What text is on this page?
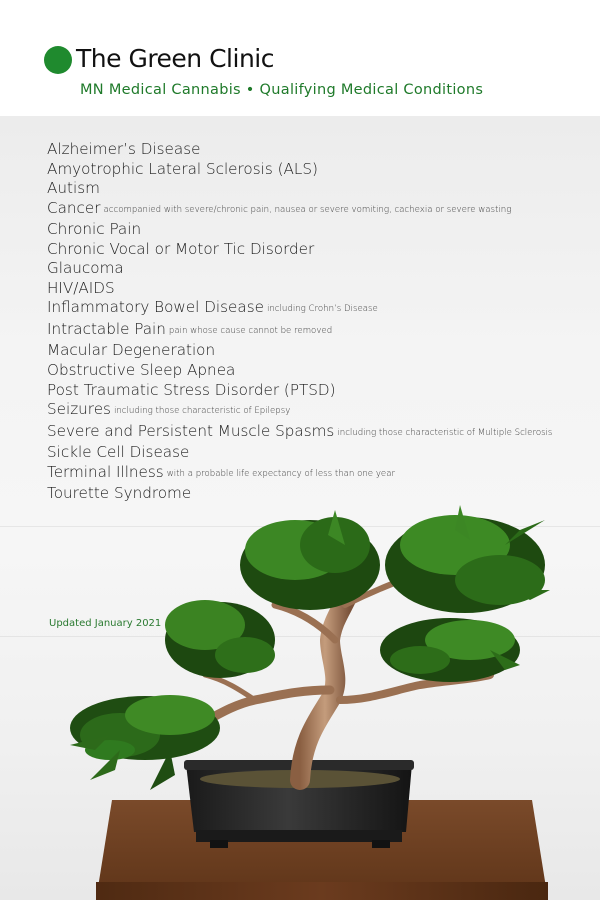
The Green Clinic
MN Medical Cannabis • Qualifying Medical Conditions
Alzheimer’s Disease
Amyotrophic Lateral Sclerosis (ALS)
Autism
Cancer accompanied with severe/chronic pain, nausea or severe vomiting, cachexia or severe wasting
Chronic Pain
Chronic Vocal or Motor Tic Disorder
Glaucoma
HIV/AIDS
Inflammatory Bowel Disease including Crohn’s Disease
Intractable Pain pain whose cause cannot be removed
Macular Degeneration
Obstructive Sleep Apnea
Post Traumatic Stress Disorder (PTSD)
Seizures including those characteristic of Epilepsy
Severe and Persistent Muscle Spasms including those characteristic of Multiple Sclerosis
Sickle Cell Disease
Terminal Illness with a probable life expectancy of less than one year
Tourette Syndrome
Updated January 2021
